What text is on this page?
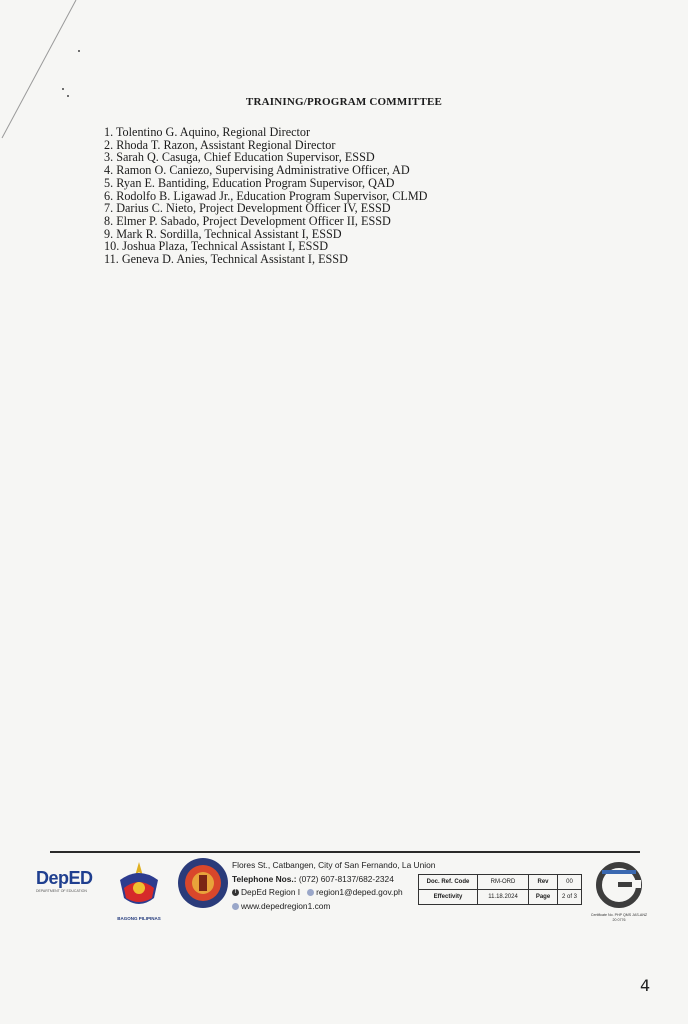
TRAINING/PROGRAM COMMITTEE
1. Tolentino G. Aquino, Regional Director
2. Rhoda T. Razon, Assistant Regional Director
3. Sarah Q. Casuga, Chief Education Supervisor, ESSD
4. Ramon O. Caniezo, Supervising Administrative Officer, AD
5. Ryan E. Bantiding, Education Program Supervisor, QAD
6. Rodolfo B. Ligawad Jr., Education Program Supervisor, CLMD
7. Darius C. Nieto, Project Development Officer IV, ESSD
8. Elmer P. Sabado, Project Development Officer II, ESSD
9. Mark R. Sordilla, Technical Assistant I, ESSD
10. Joshua Plaza, Technical Assistant I, ESSD
11. Geneva D. Anies, Technical Assistant I, ESSD
DepED
DEPARTMENT OF EDUCATION
BAGONG PILIPINAS
Flores St., Catbangen, City of San Fernando, La Union
Telephone Nos.: (072) 607-8137/682-2324
f DepEd Region I region1@deped.gov.ph
www.depedregion1.com
Doc. Ref. Code	RM-ORD	Rev	00
Effectivity	11.18.2024	Page	2 of 3
Certificate No. PHP QMS JAS-ANZ 20 0776
4
